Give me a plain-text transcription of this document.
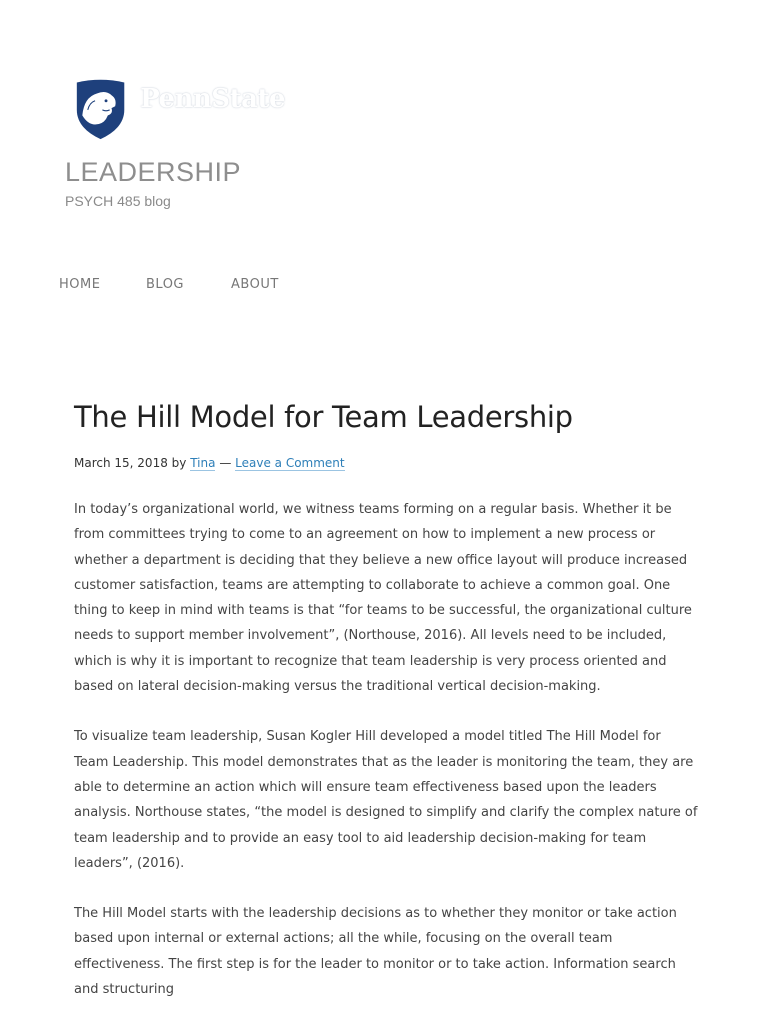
PennState
LEADERSHIP
PSYCH 485 blog
HOME	BLOG	ABOUT
The Hill Model for Team Leadership
March 15, 2018 by Tina — Leave a Comment

In today’s organizational world, we witness teams forming on a regular basis. Whether it be from committees trying to come to an agreement on how to implement a new process or whether a department is deciding that they believe a new office layout will produce increased customer satisfaction, teams are attempting to collaborate to achieve a common goal. One thing to keep in mind with teams is that “for teams to be successful, the organizational culture needs to support member involvement”, (Northouse, 2016). All levels need to be included, which is why it is important to recognize that team leadership is very process oriented and based on lateral decision-making versus the traditional vertical decision-making.

To visualize team leadership, Susan Kogler Hill developed a model titled The Hill Model for Team Leadership. This model demonstrates that as the leader is monitoring the team, they are able to determine an action which will ensure team effectiveness based upon the leaders analysis. Northouse states, “the model is designed to simplify and clarify the complex nature of team leadership and to provide an easy tool to aid leadership decision-making for team leaders”, (2016).

The Hill Model starts with the leadership decisions as to whether they monitor or take action based upon internal or external actions; all the while, focusing on the overall team effectiveness. The first step is for the leader to monitor or to take action. Information search and structuring
